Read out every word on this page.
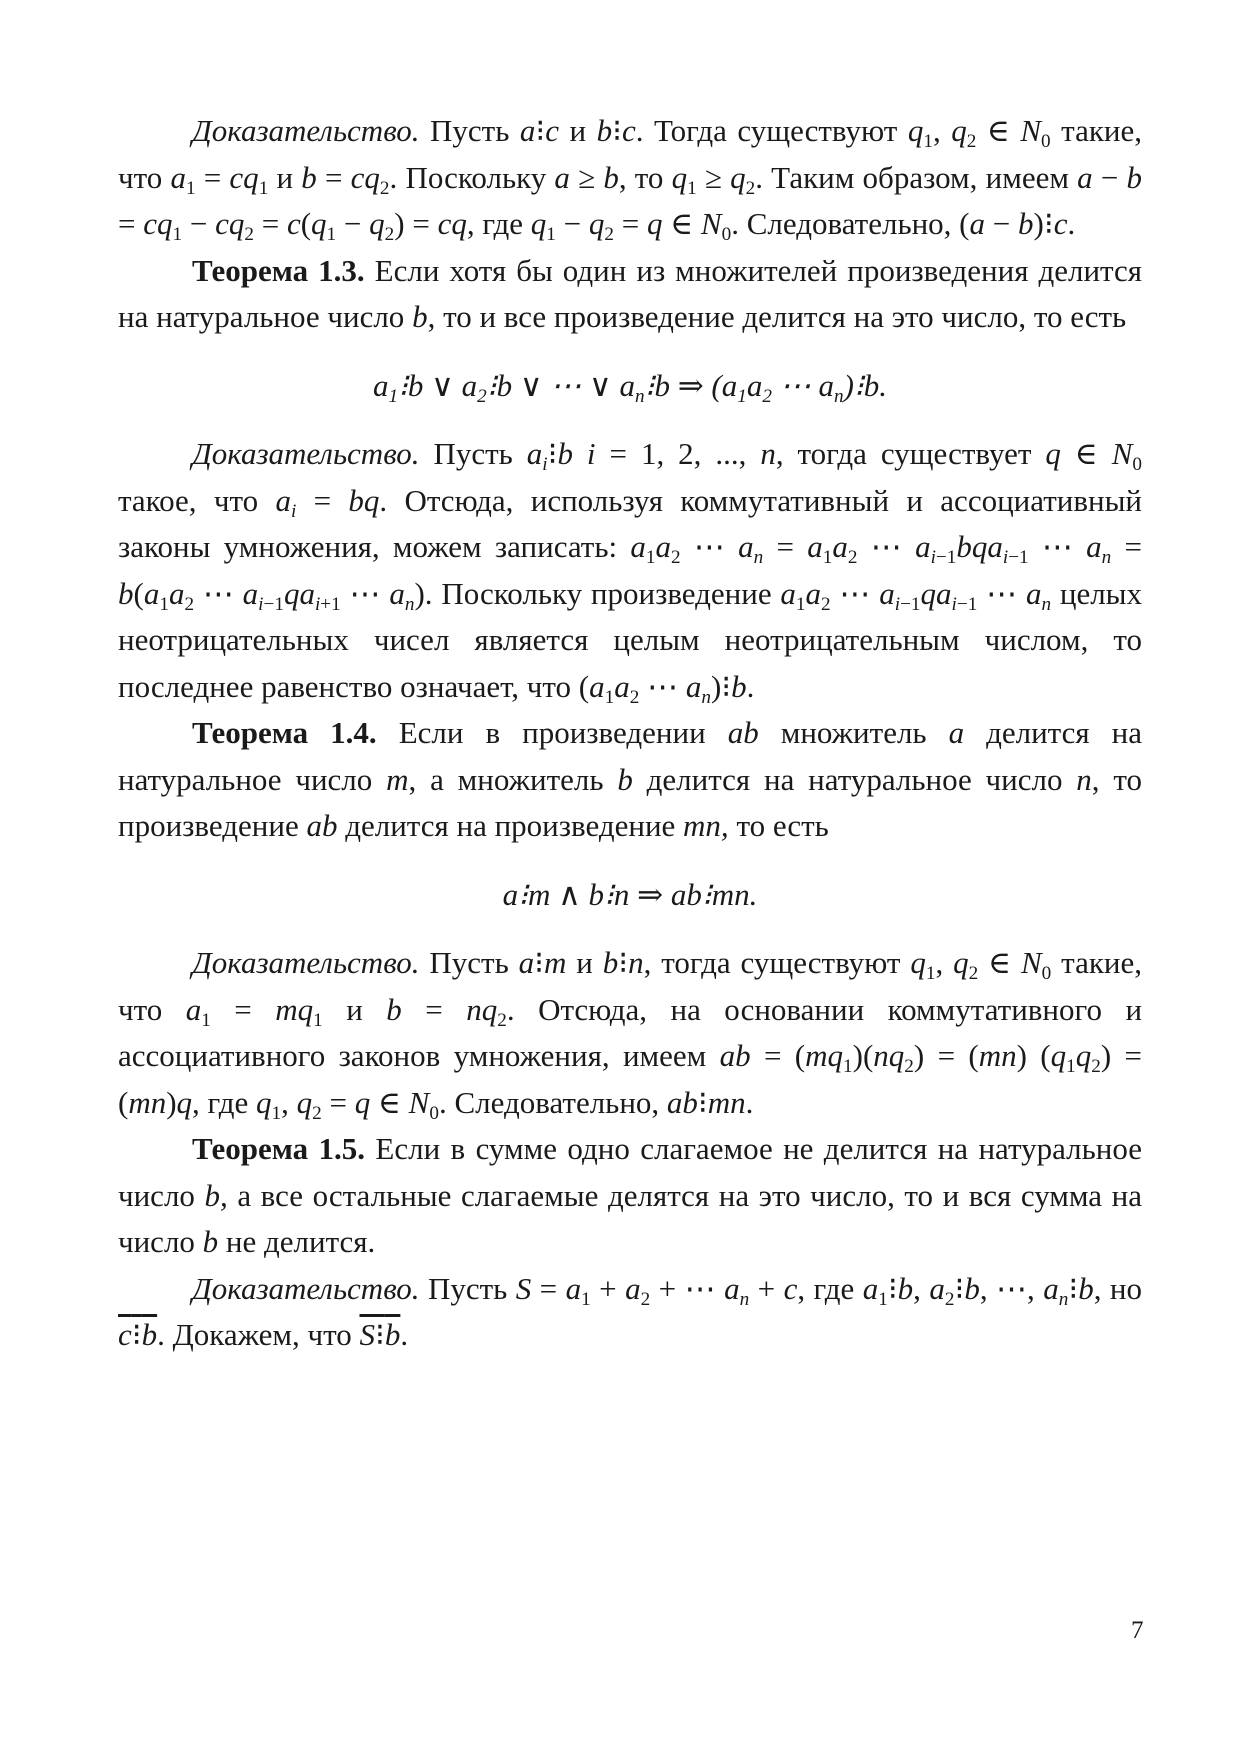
Доказательство. Пусть a⁝c и b⁝c. Тогда существуют $q_1$, $q_2$ ∈ $N_0$ такие, что $a_1 = cq_1$ и $b = cq_2$. Поскольку a ≥ b, то $q_1 \ge q_2$. Таким образом, имеем $a - b = cq_1 - cq_2 = c(q_1 - q_2)$ = cq, где $q_1 - q_2 = q$ ∈ $N_0$. Следовательно, (a − b)⁝c.

Теорема 1.3. Если хотя бы один из множителей произведения делится на натуральное число b, то и все произведение делится на это число, то есть

$a_1⁝b$ ∨ $a_2⁝b$ ∨ ⋯ ∨ $a_n⁝b$ ⇒ ($a_1a_2$ ⋯ $a_n)⁝b$.

Доказательство. Пусть $a_i⁝b$ i = 1, 2, ..., n, тогда существует q ∈ $N_0$ такое, что $a_i$ = bq. Отсюда, используя коммутативный и ассоциативный законы умножения, можем записать: $a_1a_2$ ⋯ $a_n = a_1a_2$ ⋯ $a_{i-1}bqa_{i-1}$ ⋯ $a_n = b(a_1a_2$ ⋯ $a_{i-1}qa_{i+1}$ ⋯ $a_n$). Поскольку произведение $a_1a_2$ ⋯ $a_{i-1}qa_{i-1}$ ⋯ $a_n$ целых неотрицательных чисел является целым неотрицательным числом, то последнее равенство означает, что ($a_1a_2$ ⋯ $a_n)⁝b$.

Теорема 1.4. Если в произведении ab множитель a делится на натуральное число m, а множитель b делится на натуральное число n, то произведение ab делится на произведение mn, то есть

a⁝m ∧ b⁝n ⇒ ab⁝mn.

Доказательство. Пусть a⁝m и b⁝n, тогда существуют $q_1$, $q_2$ ∈ $N_0$ такие, что $a_1 = mq_1$ и $b = nq_2$. Отсюда, на основании коммутативного и ассоциативного законов умножения, имеем ab = $(mq_1)(nq_2) = (mn) (q_1q_2) = (mn)q$, где $q_1$, $q_2 = q$ ∈ $N_0$. Следовательно, ab⁝mn.

Теорема 1.5. Если в сумме одно слагаемое не делится на натуральное число b, а все остальные слагаемые делятся на это число, то и вся сумма на число b не делится.

Доказательство. Пусть $S = a_1 + a_2$ + ⋯ $a_n + c$, где $a_1⁝b$, $a_2⁝b$, ⋯, $a_n⁝b$, но c⁝b. Докажем, что S⁝b.

7
